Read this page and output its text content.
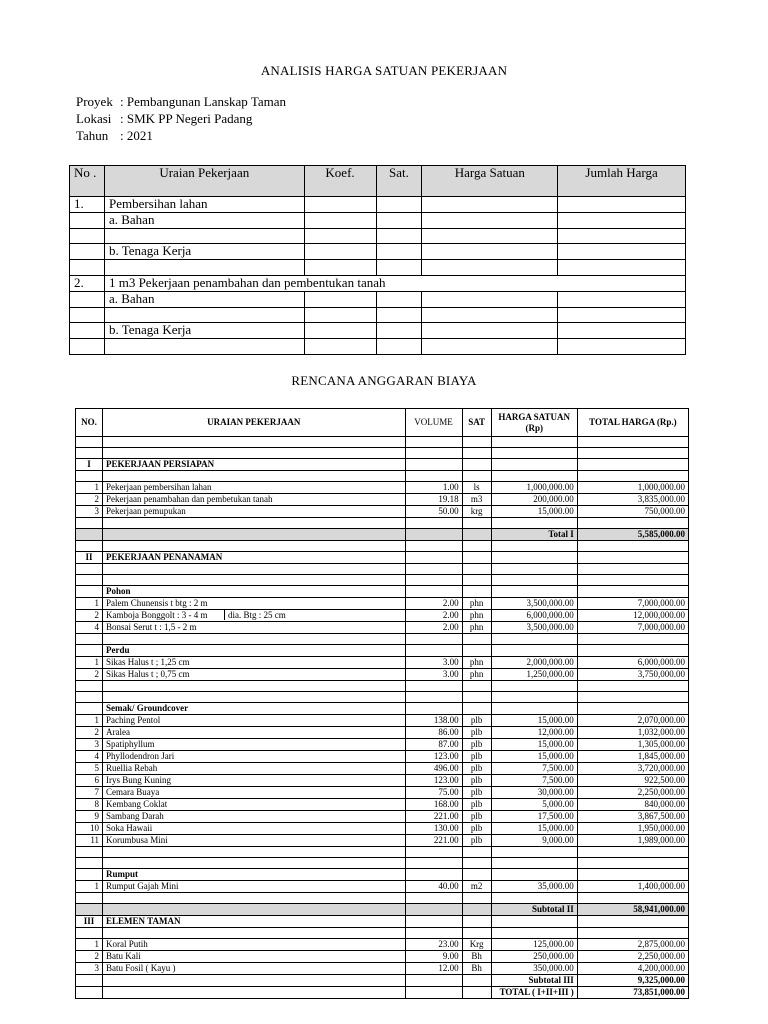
ANALISIS HARGA SATUAN PEKERJAAN
Proyek : Pembangunan Lanskap Taman
Lokasi : SMK PP Negeri Padang
Tahun : 2021
No .	Uraian Pekerjaan	Koef.	Sat.	Harga Satuan	Jumlah Harga
1.	Pembersihan lahan				
	a. Bahan				

	b. Tenaga Kerja				

2.	1 m3 Pekerjaan penambahan dan pembentukan tanah				
	a. Bahan				

	b. Tenaga Kerja				

RENCANA ANGGARAN BIAYA
NO.	URAIAN PEKERJAAN	VOLUME	SAT	HARGA SATUAN (Rp)	TOTAL HARGA (Rp.)

I	PEKERJAAN PERSIAPAN				

1	Pekerjaan pembersihan lahan	1.00	ls	1,000,000.00	1,000,000.00
2	Pekerjaan penambahan dan pembetukan tanah	19.18	m3	200,000.00	3,835,000.00
3	Pekerjaan pemupukan	50.00	krg	15,000.00	750,000.00

				Total I	5,585,000.00

II	PEKERJAAN PENANAMAN				

	Pohon				
1	Palem Chunensis t btg : 2 m	2.00	phn	3,500,000.00	7,000,000.00
2	Kamboja Bonggolt : 3 - 4 m dia. Btg : 25 cm	2.00	phn	6,000,000.00	12,000,000.00
4	Bonsai Serut t : 1,5 - 2 m	2.00	phn	3,500,000.00	7,000,000.00

	Perdu				
1	Sikas Halus t ; 1,25 cm	3.00	phn	2,000,000.00	6,000,000.00
2	Sikas Halus t ; 0,75 cm	3.00	phn	1,250,000.00	3,750,000.00

	Semak/ Groundcover				
1	Paching Pentol	138.00	plb	15,000.00	2,070,000.00
2	Aralea	86.00	plb	12,000.00	1,032,000.00
3	Spatiphyllum	87.00	plb	15,000.00	1,305,000.00
4	Phyllodendron Jari	123.00	plb	15,000.00	1,845,000.00
5	Ruellia Rebah	496.00	plb	7,500.00	3,720,000.00
6	Irys Bung Kuning	123.00	plb	7,500.00	922,500.00
7	Cemara Buaya	75.00	plb	30,000.00	2,250,000.00
8	Kembang Coklat	168.00	plb	5,000.00	840,000.00
9	Sambang Darah	221.00	plb	17,500.00	3,867,500.00
10	Soka Hawaii	130.00	plb	15,000.00	1,950,000.00
11	Korumbusa Mini	221.00	plb	9,000.00	1,989,000.00

	Rumput				
1	Rumput Gajah Mini	40.00	m2	35,000.00	1,400,000.00

				Subtotal II	58,941,000.00
III	ELEMEN TAMAN				

1	Koral Putih	23.00	Krg	125,000.00	2,875,000.00
2	Batu Kali	9.00	Bh	250,000.00	2,250,000.00
3	Batu Fosil ( Kayu )	12.00	Bh	350,000.00	4,200,000.00
				Subtotal III	9,325,000.00
				TOTAL ( I+II+III )	73,851,000.00
